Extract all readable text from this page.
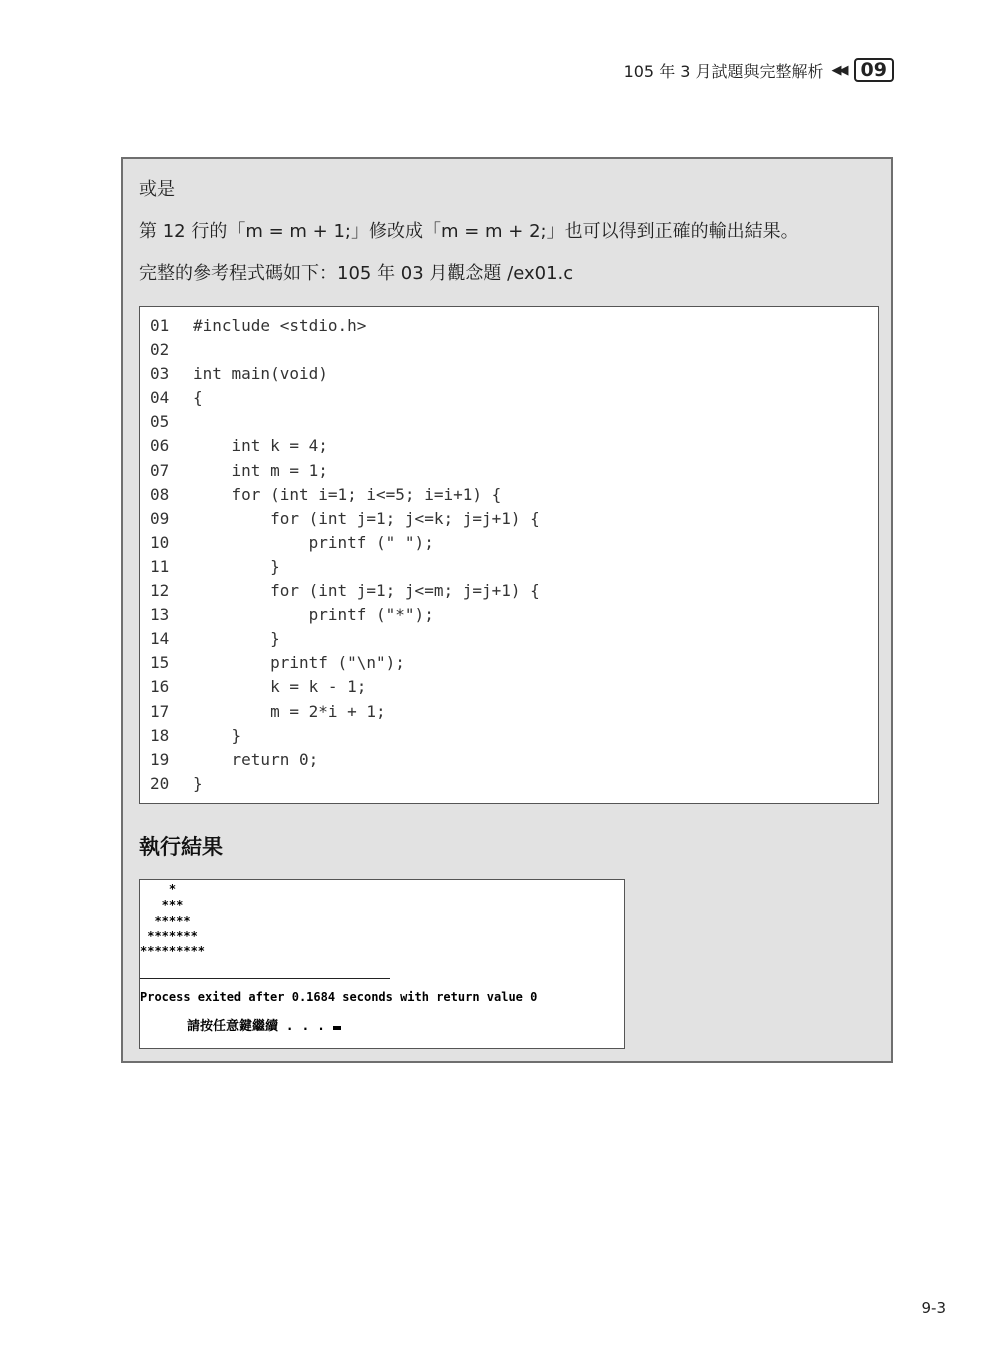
105 年 3 月試題與完整解析 ◀◀ 09
或是
第 12 行的「m = m + 1;」修改成「m = m + 2;」也可以得到正確的輸出結果。
完整的參考程式碼如下：105 年 03 月觀念題 /ex01.c
01 #include <stdio.h>
02
03 int main(void)
04 {
05
06 int k = 4;
07 int m = 1;
08 for (int i=1; i<=5; i=i+1) {
09 for (int j=1; j<=k; j=j+1) {
10 printf (" ");
11 }
12 for (int j=1; j<=m; j=j+1) {
13 printf ("*");
14 }
15 printf ("\n");
16 k = k - 1;
17 m = 2*i + 1;
18 }
19 return 0;
20 }
執行結果
*
***
*****
*******
*********
Process exited after 0.1684 seconds with return value 0

請按任意鍵繼續 . . .

9-3
